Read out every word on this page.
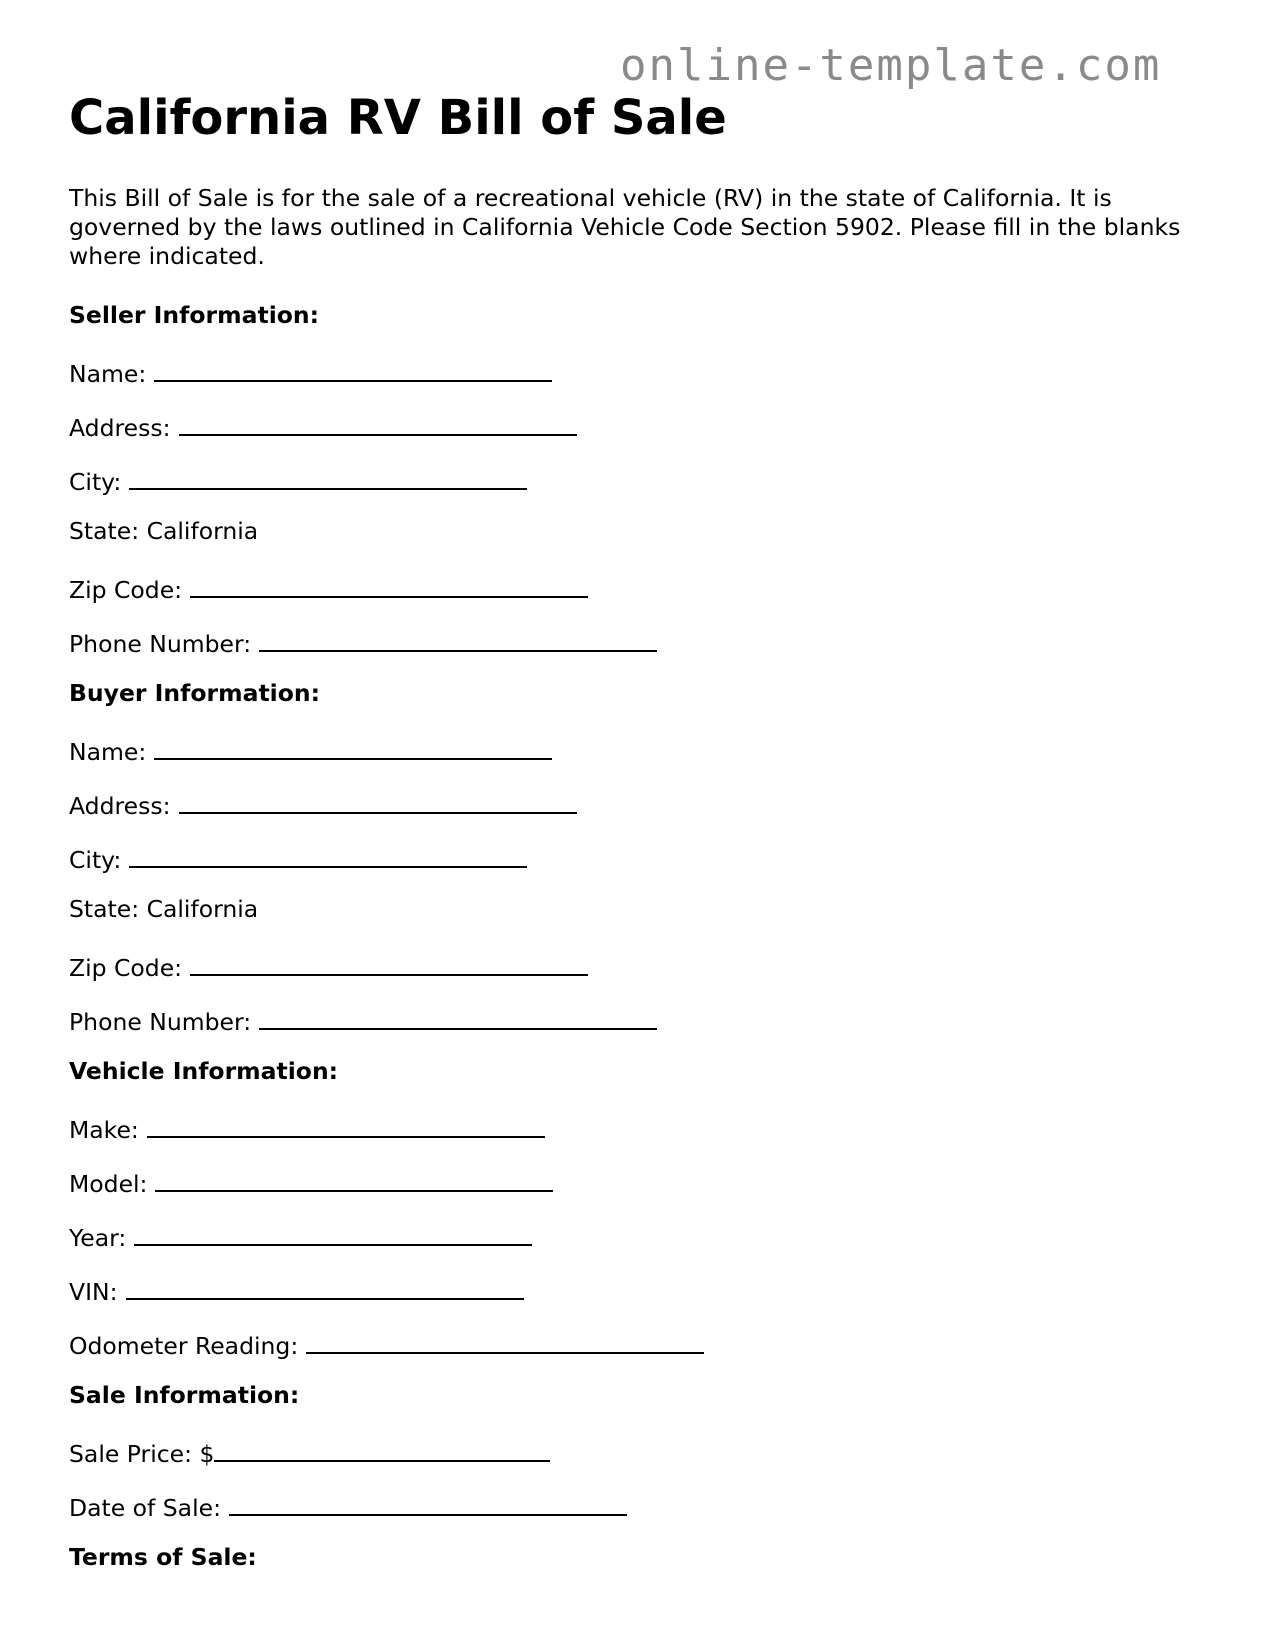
online-template.com
California RV Bill of Sale

This Bill of Sale is for the sale of a recreational vehicle (RV) in the state of California. It is governed by the laws outlined in California Vehicle Code Section 5902. Please fill in the blanks where indicated.

Seller Information:
Name:
Address:
City:
State: California
Zip Code:
Phone Number:
Buyer Information:
Name:
Address:
City:
State: California
Zip Code:
Phone Number:
Vehicle Information:
Make:
Model:
Year:
VIN:
Odometer Reading:
Sale Information:
Sale Price: $
Date of Sale:
Terms of Sale:
